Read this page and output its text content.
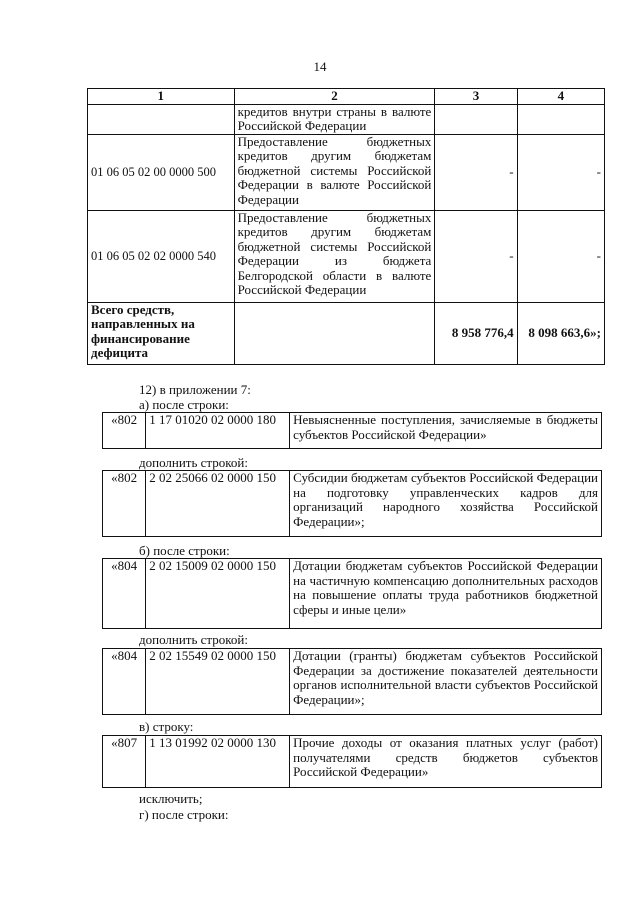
14
1	2	3	4
	кредитов внутри страны в валюте Российской Федерации		
01 06 05 02 00 0000 500	Предоставление бюджетных кредитов другим бюджетам бюджетной системы Российской Федерации в валюте Российской Федерации	-	-
01 06 05 02 02 0000 540	Предоставление бюджетных кредитов другим бюджетам бюджетной системы Российской Федерации из бюджета Белгородской области в валюте Российской Федерации	-	-
Всего средств, направленных на финансирование дефицита		8 958 776,4	8 098 663,6»;
12) в приложении 7:
а) после строки:
«802	1 17 01020 02 0000 180	Невыясненные поступления, зачисляемые в бюджеты субъектов Российской Федерации»
дополнить строкой:
«802	2 02 25066 02 0000 150	Субсидии бюджетам субъектов Российской Федерации на подготовку управленческих кадров для организаций народного хозяйства Российской Федерации»;
б) после строки:
«804	2 02 15009 02 0000 150	Дотации бюджетам субъектов Российской Федерации на частичную компенсацию дополнительных расходов на повышение оплаты труда работников бюджетной сферы и иные цели»
дополнить строкой:
«804	2 02 15549 02 0000 150	Дотации (гранты) бюджетам субъектов Российской Федерации за достижение показателей деятельности органов исполнительной власти субъектов Российской Федерации»;
в) строку:
«807	1 13 01992 02 0000 130	Прочие доходы от оказания платных услуг (работ) получателями средств бюджетов субъектов Российской Федерации»
исключить;
г) после строки:
